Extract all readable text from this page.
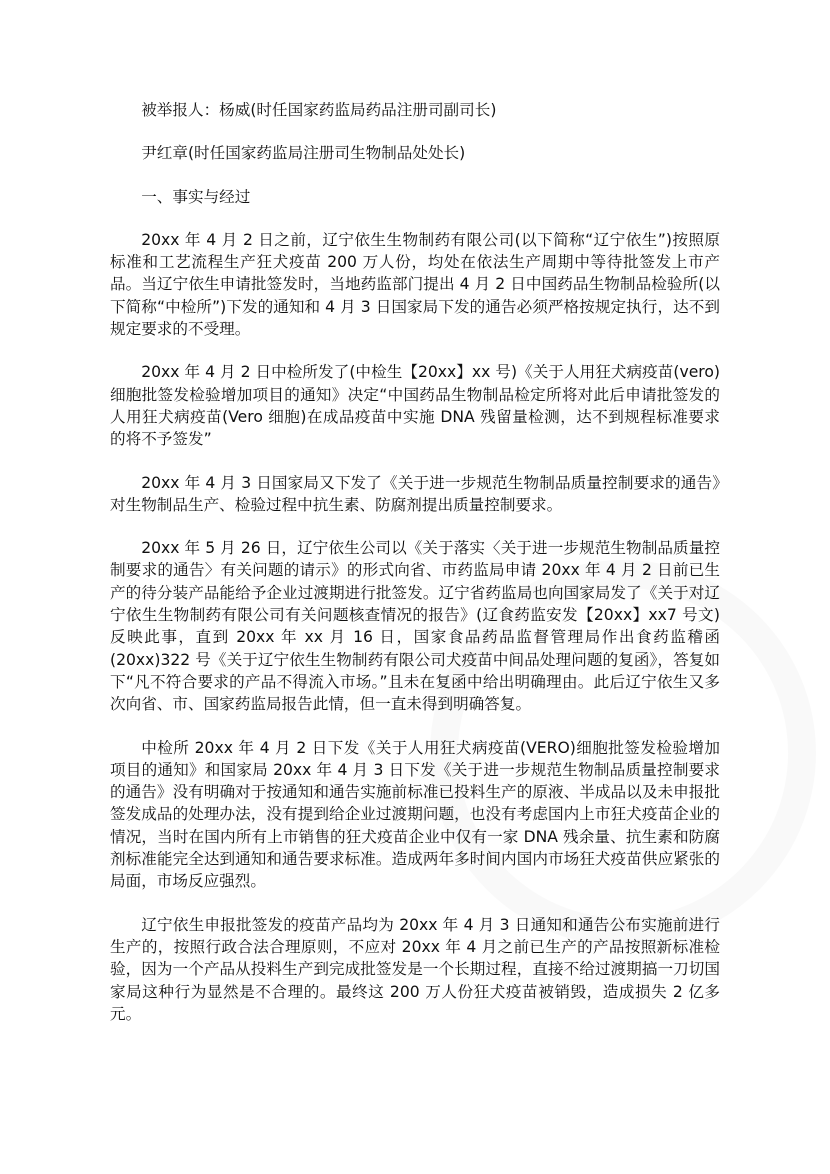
被举报人：杨威(时任国家药监局药品注册司副司长)

尹红章(时任国家药监局注册司生物制品处处长)

一、事实与经过

20xx 年 4 月 2 日之前，辽宁依生生物制药有限公司(以下简称“辽宁依生”)按照原标准和工艺流程生产狂犬疫苗 200 万人份，均处在依法生产周期中等待批签发上市产品。当辽宁依生申请批签发时，当地药监部门提出 4 月 2 日中国药品生物制品检验所(以下简称“中检所”)下发的通知和 4 月 3 日国家局下发的通告必须严格按规定执行，达不到规定要求的不受理。

20xx 年 4 月 2 日中检所发了(中检生【20xx】xx 号)《关于人用狂犬病疫苗(vero)细胞批签发检验增加项目的通知》决定“中国药品生物制品检定所将对此后申请批签发的人用狂犬病疫苗(Vero 细胞)在成品疫苗中实施 DNA 残留量检测，达不到规程标准要求的将不予签发”

20xx 年 4 月 3 日国家局又下发了《关于进一步规范生物制品质量控制要求的通告》对生物制品生产、检验过程中抗生素、防腐剂提出质量控制要求。

20xx 年 5 月 26 日，辽宁依生公司以《关于落实〈关于进一步规范生物制品质量控制要求的通告〉有关问题的请示》的形式向省、市药监局申请 20xx 年 4 月 2 日前已生产的待分装产品能给予企业过渡期进行批签发。辽宁省药监局也向国家局发了《关于对辽宁依生生物制药有限公司有关问题核查情况的报告》(辽食药监安发【20xx】xx7 号文)反映此事，直到 20xx 年 xx 月 16 日，国家食品药品监督管理局作出食药监稽函(20xx)322 号《关于辽宁依生生物制药有限公司犬疫苗中间品处理问题的复函》，答复如下“凡不符合要求的产品不得流入市场。”且未在复函中给出明确理由。此后辽宁依生又多次向省、市、国家药监局报告此情，但一直未得到明确答复。

中检所 20xx 年 4 月 2 日下发《关于人用狂犬病疫苗(VERO)细胞批签发检验增加项目的通知》和国家局 20xx 年 4 月 3 日下发《关于进一步规范生物制品质量控制要求的通告》没有明确对于按通知和通告实施前标准已投料生产的原液、半成品以及未申报批签发成品的处理办法，没有提到给企业过渡期问题，也没有考虑国内上市狂犬疫苗企业的情况，当时在国内所有上市销售的狂犬疫苗企业中仅有一家 DNA 残余量、抗生素和防腐剂标准能完全达到通知和通告要求标准。造成两年多时间内国内市场狂犬疫苗供应紧张的局面，市场反应强烈。

辽宁依生申报批签发的疫苗产品均为 20xx 年 4 月 3 日通知和通告公布实施前进行生产的，按照行政合法合理原则，不应对 20xx 年 4 月之前已生产的产品按照新标准检验，因为一个产品从投料生产到完成批签发是一个长期过程，直接不给过渡期搞一刀切国家局这种行为显然是不合理的。最终这 200 万人份狂犬疫苗被销毁，造成损失 2 亿多元。
